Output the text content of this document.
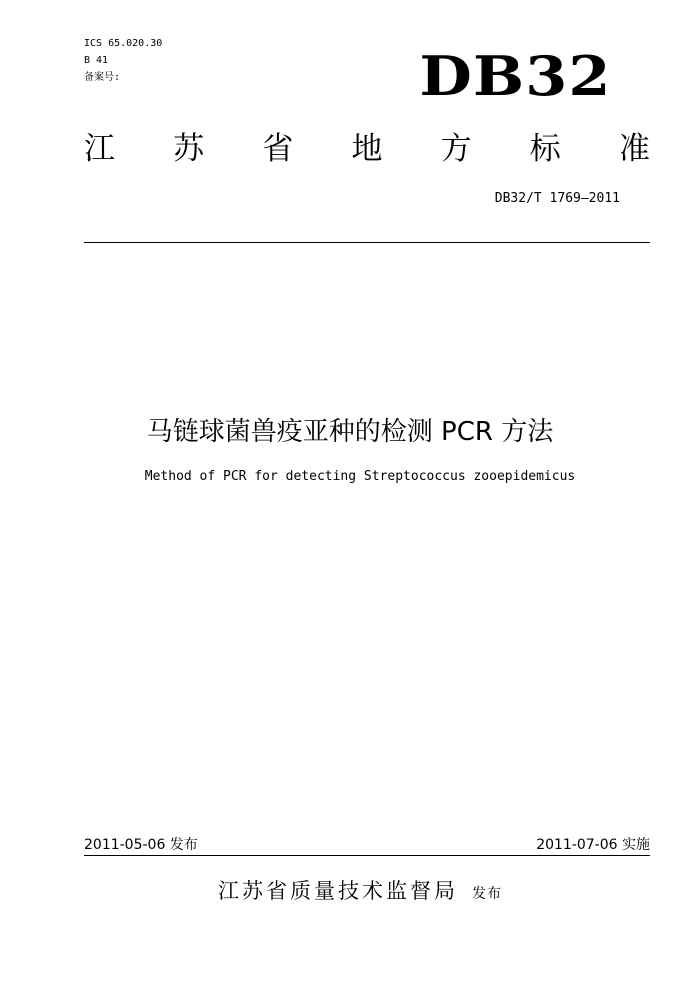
ICS 65.020.30
B 41
备案号:	DB32
江 苏 省 地 方 标 准
DB32/T 1769—2011
马链球菌兽疫亚种的检测 PCR 方法
Method of PCR for detecting Streptococcus zooepidemicus
2011-05-06 发布	2011-07-06 实施
江苏省质量技术监督局 发布
